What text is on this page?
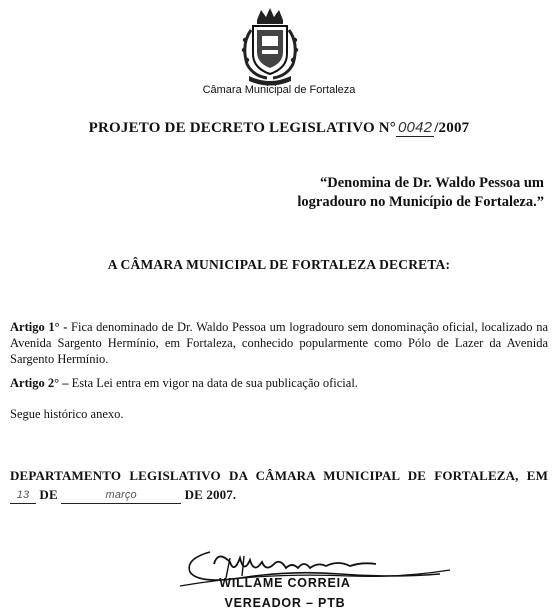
Câmara Municipal de Fortaleza
PROJETO DE DECRETO LEGISLATIVO N° 0042 /2007
“Denomina de Dr. Waldo Pessoa um
logradouro no Município de Fortaleza.”
A CÂMARA MUNICIPAL DE FORTALEZA DECRETA:
Artigo 1° - Fica denominado de Dr. Waldo Pessoa um logradouro sem donominação oficial, localizado na Avenida Sargento Hermínio, em Fortaleza, conhecido popularmente como Pólo de Lazer da Avenida Sargento Hermínio.
Artigo 2° – Esta Lei entra em vigor na data de sua publicação oficial.
Segue histórico anexo.
DEPARTAMENTO LEGISLATIVO DA CÂMARA MUNICIPAL DE FORTALEZA, EM
13 DE	março	DE 2007.
WILLAME CORREIA
VEREADOR – PTB
